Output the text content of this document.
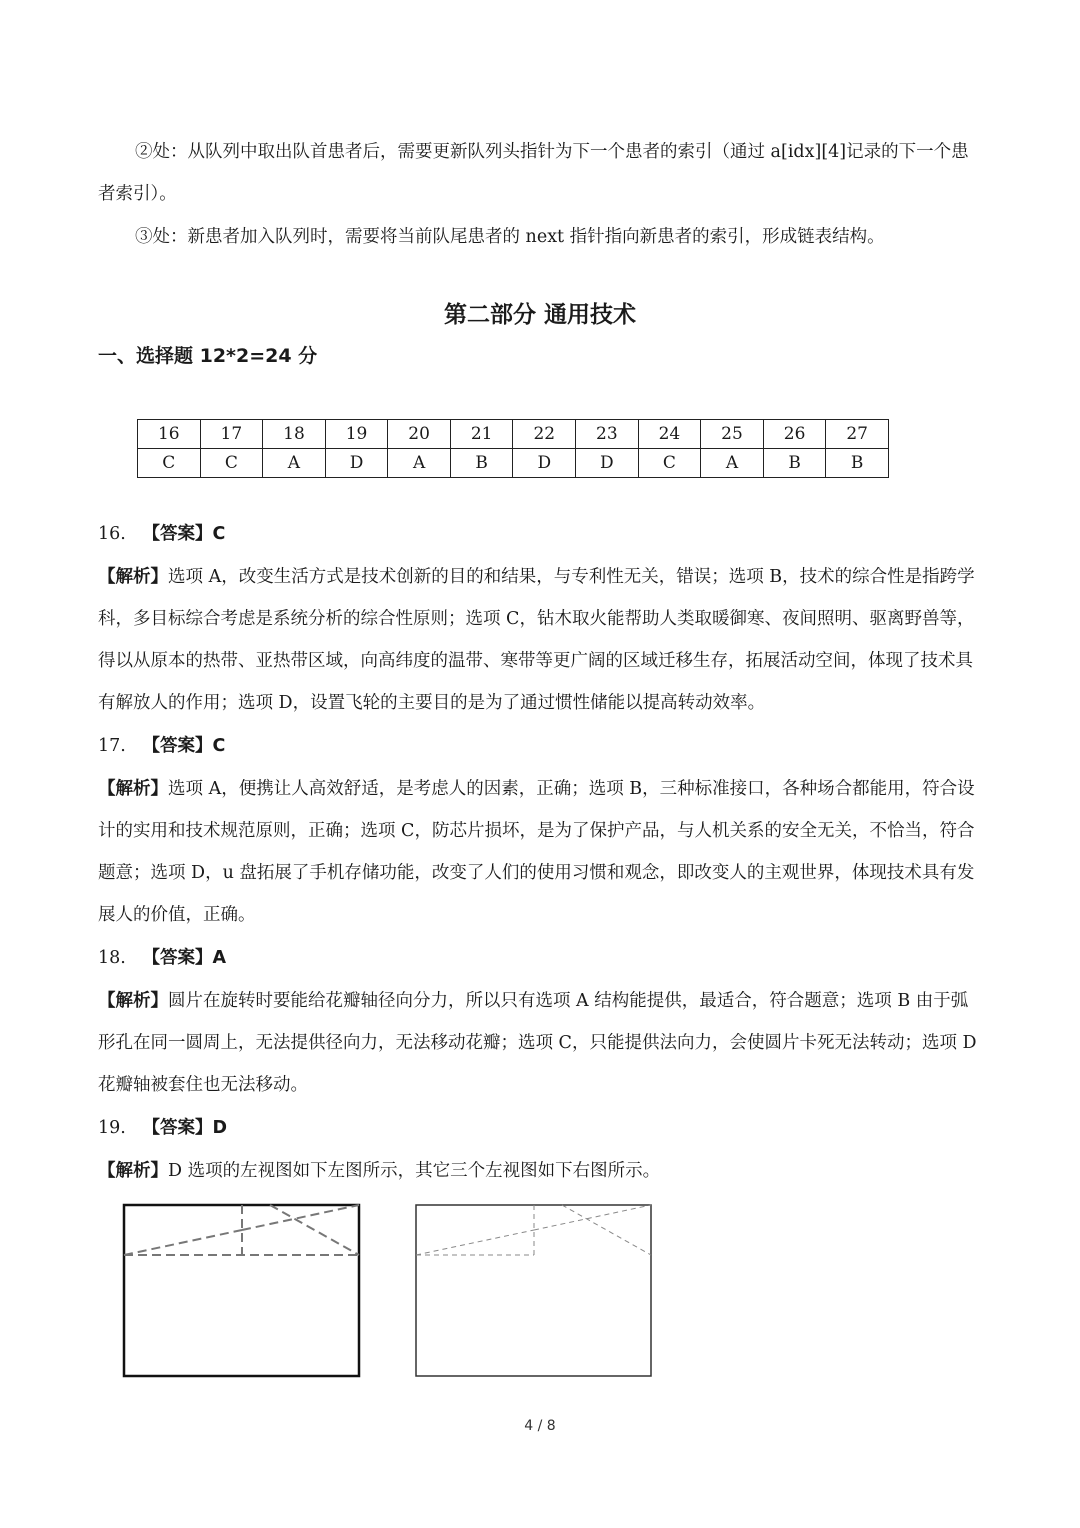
②处：从队列中取出队首患者后，需要更新队列头指针为下一个患者的索引（通过 a[idx][4]记录的下一个患者索引）。
③处：新患者加入队列时，需要将当前队尾患者的 next 指针指向新患者的索引，形成链表结构。
第二部分 通用技术
一、选择题 12*2=24 分
16	17	18	19	20	21	22	23	24	25	26	27
C	C	A	D	A	B	D	D	C	A	B	B
16. 【答案】C
【解析】选项 A，改变生活方式是技术创新的目的和结果，与专利性无关，错误；选项 B，技术的综合性是指跨学科，多目标综合考虑是系统分析的综合性原则；选项 C，钻木取火能帮助人类取暖御寒、夜间照明、驱离野兽等，得以从原本的热带、亚热带区域，向高纬度的温带、寒带等更广阔的区域迁移生存，拓展活动空间，体现了技术具有解放人的作用；选项 D，设置飞轮的主要目的是为了通过惯性储能以提高转动效率。
17. 【答案】C
【解析】选项 A，便携让人高效舒适，是考虑人的因素，正确；选项 B，三种标准接口，各种场合都能用，符合设计的实用和技术规范原则，正确；选项 C，防芯片损坏，是为了保护产品，与人机关系的安全无关，不恰当，符合题意；选项 D，u 盘拓展了手机存储功能，改变了人们的使用习惯和观念，即改变人的主观世界，体现技术具有发展人的价值，正确。
18. 【答案】A
【解析】圆片在旋转时要能给花瓣轴径向分力，所以只有选项 A 结构能提供，最适合，符合题意；选项 B 由于弧形孔在同一圆周上，无法提供径向力，无法移动花瓣；选项 C，只能提供法向力，会使圆片卡死无法转动；选项 D 花瓣轴被套住也无法移动。
19. 【答案】D
【解析】D 选项的左视图如下左图所示，其它三个左视图如下右图所示。
4 / 8
